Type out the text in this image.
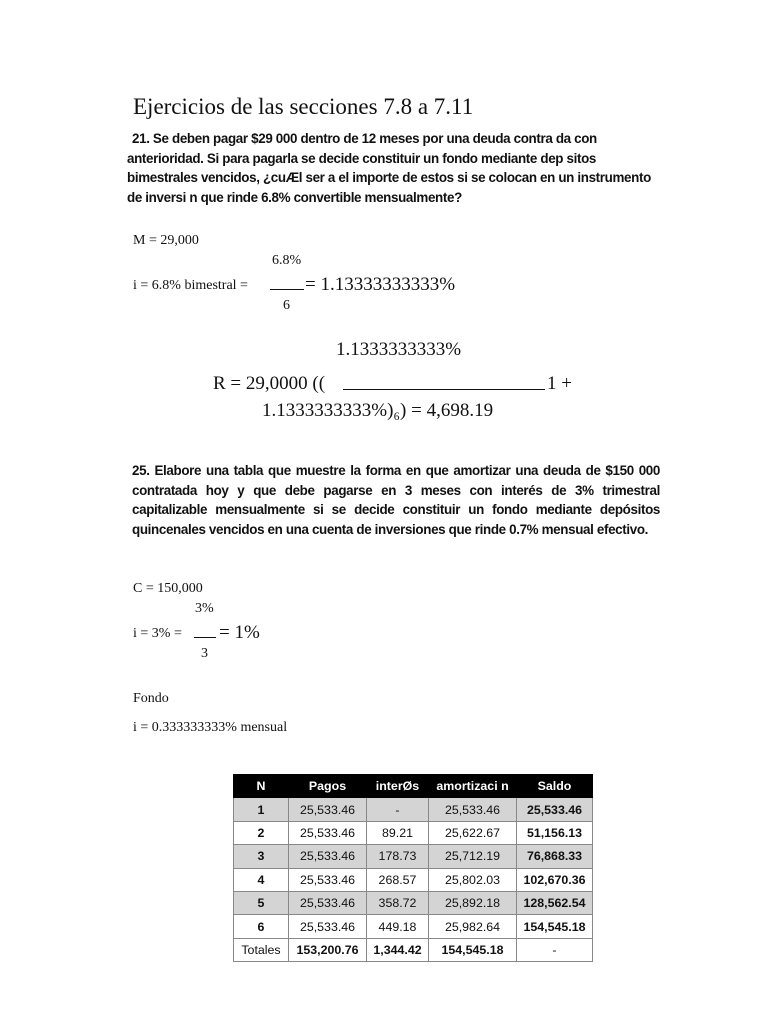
Ejercicios de las secciones 7.8 a 7.11
21. Se deben pagar $29 000 dentro de 12 meses por una deuda contra da con anterioridad. Si para pagarla se decide constituir un fondo mediante dep sitos bimestrales vencidos, ¿cuÆl ser a el importe de estos si se colocan en un instrumento de inversi n que rinde 6.8% convertible mensualmente?
M = 29,000
6.8%
i = 6.8% bimestral =	= 1.13333333333%
6
1.1333333333%
R = 29,0000 ((	1 +
1.1333333333%)₆) = 4,698.19
25. Elabore una tabla que muestre la forma en que amortizar una deuda de $150 000 contratada hoy y que debe pagarse en 3 meses con interés de 3% trimestral capitalizable mensualmente si se decide constituir un fondo mediante depósitos quincenales vencidos en una cuenta de inversiones que rinde 0.7% mensual efectivo.
C = 150,000
3%
i = 3% = = 1%
3
Fondo
i = 0.333333333% mensual
N	Pagos	interØs	amortizaci n	Saldo
1	25,533.46	-	25,533.46	25,533.46
2	25,533.46	89.21	25,622.67	51,156.13
3	25,533.46	178.73	25,712.19	76,868.33
4	25,533.46	268.57	25,802.03	102,670.36
5	25,533.46	358.72	25,892.18	128,562.54
6	25,533.46	449.18	25,982.64	154,545.18
Totales	153,200.76	1,344.42	154,545.18	-
